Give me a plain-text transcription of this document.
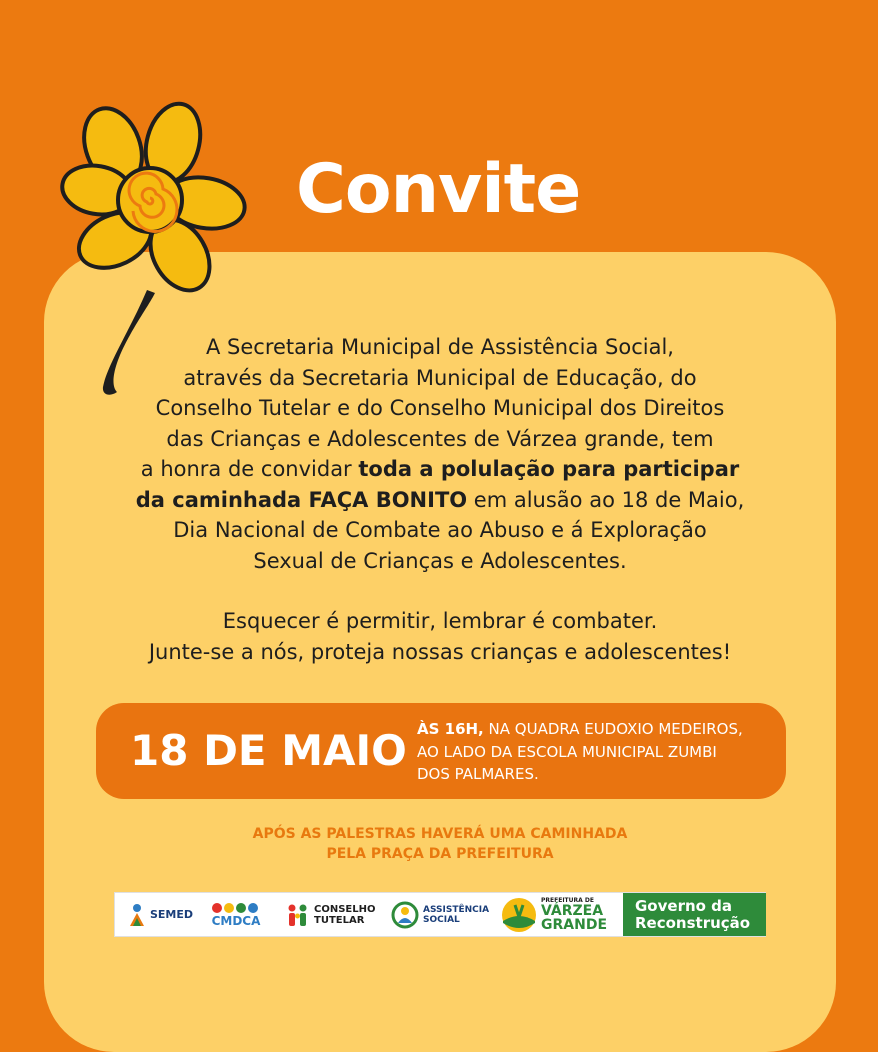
Convite
A Secretaria Municipal de Assistência Social,
através da Secretaria Municipal de Educação, do
Conselho Tutelar e do Conselho Municipal dos Direitos
das Crianças e Adolescentes de Várzea grande, tem
a honra de convidar toda a polulação para participar
da caminhada FAÇA BONITO em alusão ao 18 de Maio,
Dia Nacional de Combate ao Abuso e á Exploração
Sexual de Crianças e Adolescentes.
Esquecer é permitir, lembrar é combater.
Junte-se a nós, proteja nossas crianças e adolescentes!
18 DE MAIO ÀS 16H, NA QUADRA EUDOXIO MEDEIROS,
AO LADO DA ESCOLA MUNICIPAL ZUMBI
DOS PALMARES.
APÓS AS PALESTRAS HAVERÁ UMA CAMINHADA
PELA PRAÇA DA PREFEITURA
SEMED CMDCA
CONSELHO
TUTELAR
ASSISTÊNCIA
SOCIAL
PREFEITURA DE
VÁRZEA
GRANDE
Governo da
Reconstrução
